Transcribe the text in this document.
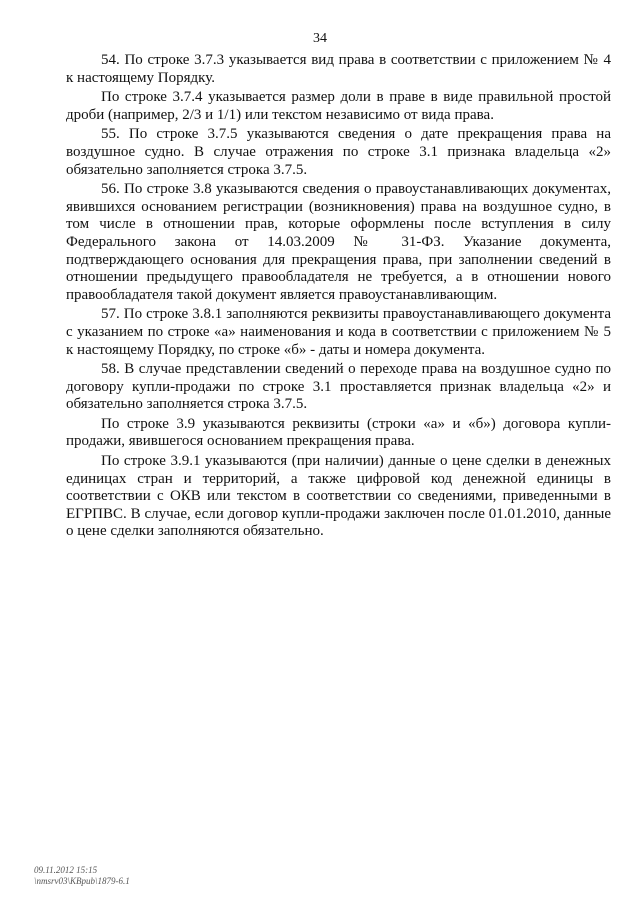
34
54. По строке 3.7.3 указывается вид права в соответствии с приложением № 4
к настоящему Порядку.
По строке 3.7.4 указывается размер доли в праве в виде правильной простой
дроби (например, 2/3 и 1/1) или текстом независимо от вида права.
55. По строке 3.7.5 указываются сведения о дате прекращения права на
воздушное судно. В случае отражения по строке 3.1 признака владельца «2»
обязательно заполняется строка 3.7.5.
56. По строке 3.8 указываются сведения о правоустанавливающих документах,
явившихся основанием регистрации (возникновения) права на воздушное судно, в
том числе в отношении прав, которые оформлены после вступления в силу
Федерального закона от 14.03.2009 № 31-ФЗ. Указание документа,
подтверждающего основания для прекращения права, при заполнении сведений в
отношении предыдущего правообладателя не требуется, а в отношении нового
правообладателя такой документ является правоустанавливающим.
57. По строке 3.8.1 заполняются реквизиты правоустанавливающего документа
с указанием по строке «а» наименования и кода в соответствии с приложением № 5
к настоящему Порядку, по строке «б» - даты и номера документа.
58. В случае представлении сведений о переходе права на воздушное судно по
договору купли-продажи по строке 3.1 проставляется признак владельца «2» и
обязательно заполняется строка 3.7.5.
По строке 3.9 указываются реквизиты (строки «а» и «б») договора купли-
продажи, явившегося основанием прекращения права.
По строке 3.9.1 указываются (при наличии) данные о цене сделки в денежных
единицах стран и территорий, а также цифровой код денежной единицы в
соответствии с ОКВ или текстом в соответствии со сведениями, приведенными в
ЕГРПВС. В случае, если договор купли-продажи заключен после 01.01.2010, данные
о цене сделки заполняются обязательно.
09.11.2012 15:15
\nmsrv03\KBpub\1879-6.1
